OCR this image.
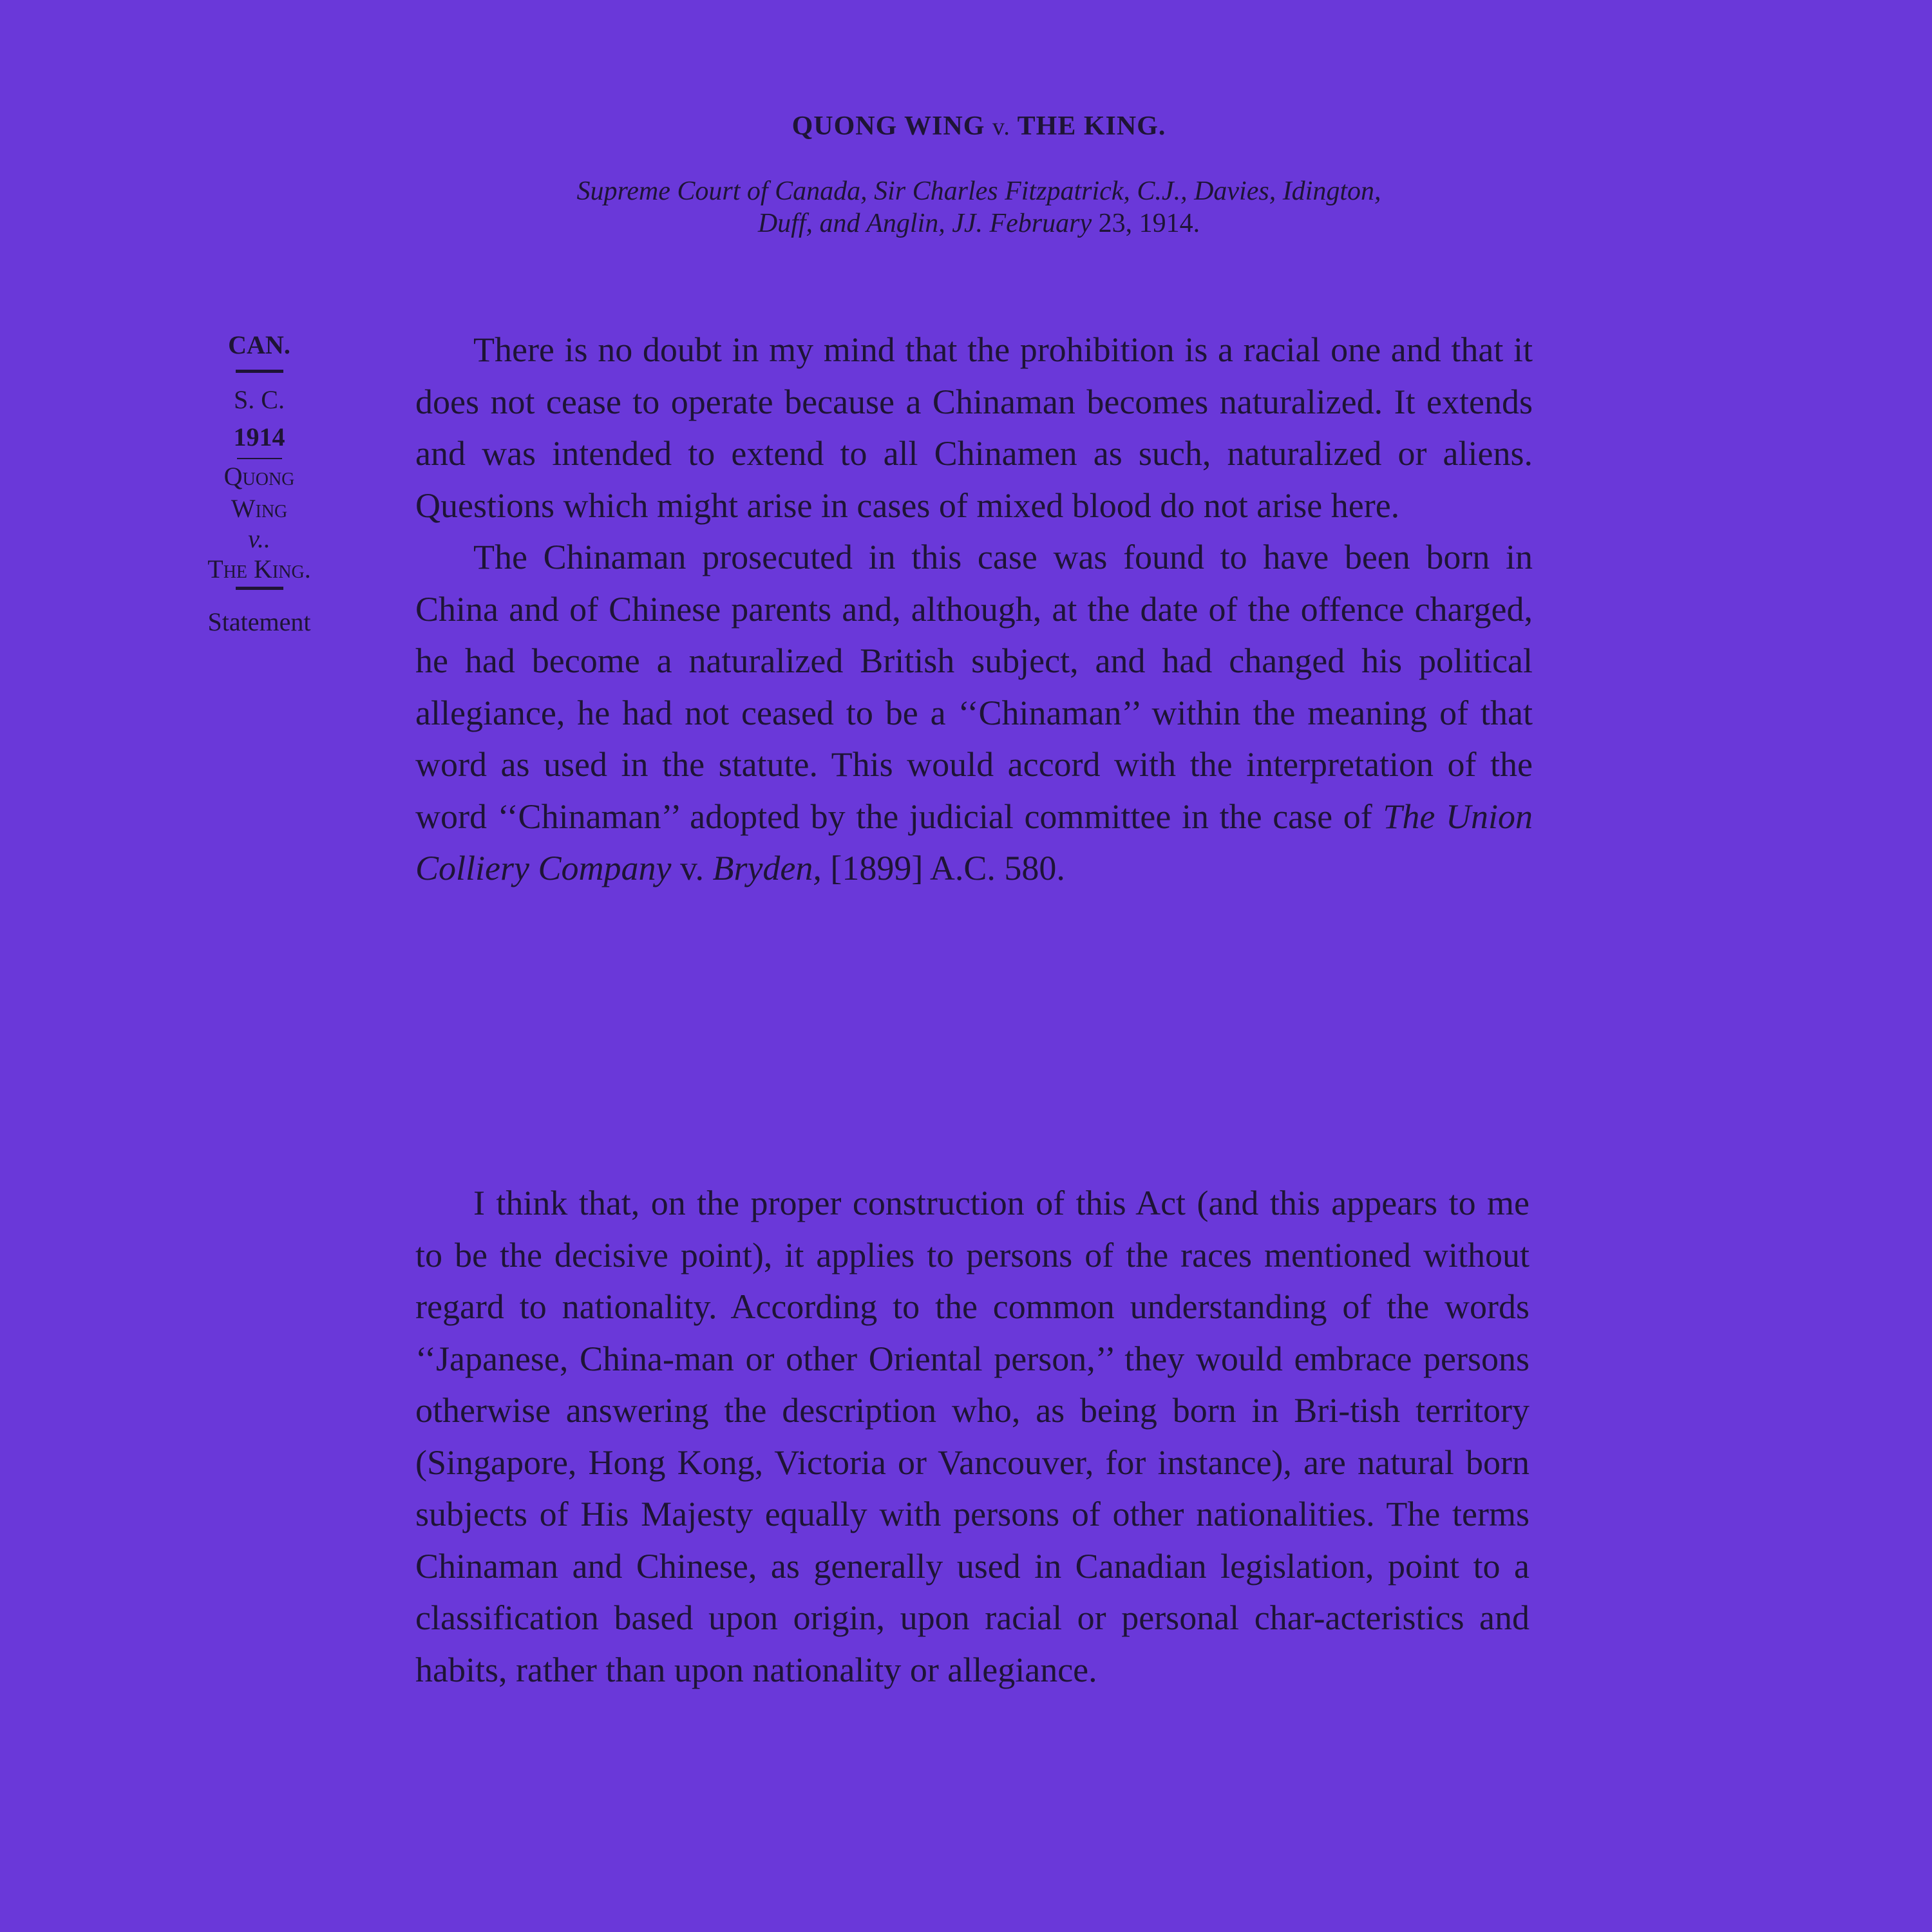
QUONG WING v. THE KING.
Supreme Court of Canada, Sir Charles Fitzpatrick, C.J., Davies, Idington,
Duff, and Anglin, JJ. February 23, 1914.
CAN.
S. C.
1914
Quong
Wing
v..
The King.
Statement

There is no doubt in my mind that the prohibition is a racial one and that it does not cease to operate because a Chinaman becomes naturalized. It extends and was intended to extend to all Chinamen as such, naturalized or aliens. Questions which might arise in cases of mixed blood do not arise here.

The Chinaman prosecuted in this case was found to have been born in China and of Chinese parents and, although, at the date of the offence charged, he had become a naturalized British subject, and had changed his political allegiance, he had not ceased to be a ‘‘Chinaman’’ within the meaning of that word as used in the statute. This would accord with the interpretation of the word ‘‘Chinaman’’ adopted by the judicial committee in the case of The Union Colliery Company v. Bryden, [1899] A.C. 580.

I think that, on the proper construction of this Act (and this appears to me to be the decisive point), it applies to persons of the races mentioned without regard to nationality. According to the common understanding of the words ‘‘Japanese, China-man or other Oriental person,’’ they would embrace persons otherwise answering the description who, as being born in Bri-tish territory (Singapore, Hong Kong, Victoria or Vancouver, for instance), are natural born subjects of His Majesty equally with persons of other nationalities. The terms Chinaman and Chinese, as generally used in Canadian legislation, point to a classification based upon origin, upon racial or personal char-acteristics and habits, rather than upon nationality or allegiance.
